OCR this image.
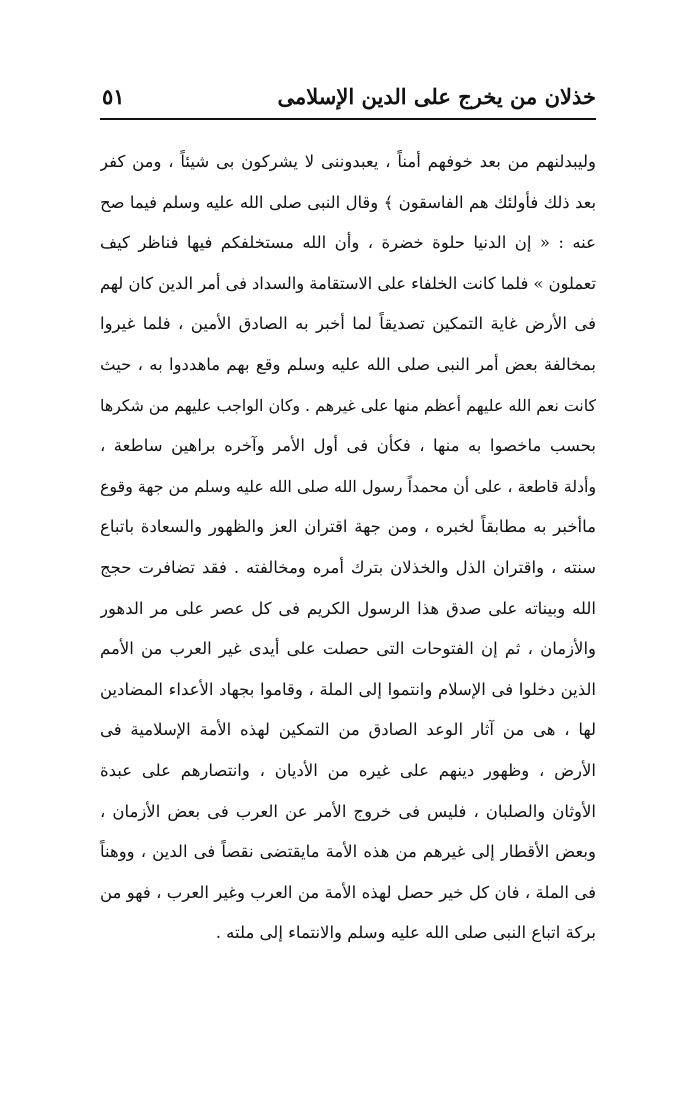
خذلان من يخرج على الدين الإسلامى
٥١
وليبدلنهم من بعد خوفهم أمناً ، يعبدوننى لا يشركون بى شيئاً ، ومن كفر
بعد ذلك فأولئك هم الفاسقون ﴾ وقال النبى صلى الله عليه وسلم فيما صح
عنه : « إن الدنيا حلوة خضرة ، وأن الله مستخلفكم فيها فناظر كيف
تعملون » فلما كانت الخلفاء على الاستقامة والسداد فى أمر الدين كان لهم
فى الأرض غاية التمكين تصديقاً لما أخبر به الصادق الأمين ، فلما غيروا
بمخالفة بعض أمر النبى صلى الله عليه وسلم وقع بهم ماهددوا به ، حيث
كانت نعم الله عليهم أعظم منها على غيرهم . وكان الواجب عليهم من شكرها
بحسب ماخصوا به منها ، فكأن فى أول الأمر وآخره براهين ساطعة ،
وأدلة قاطعة ، على أن محمداً رسول الله صلى الله عليه وسلم من جهة وقوع
ماأخبر به مطابقاً لخبره ، ومن جهة اقتران العز والظهور والسعادة باتباع
سنته ، واقتران الذل والخذلان بترك أمره ومخالفته . فقد تضافرت حجج
الله وبيناته على صدق هذا الرسول الكريم فى كل عصر على مر الدهور
والأزمان ، ثم إن الفتوحات التى حصلت على أيدى غير العرب من الأمم
الذين دخلوا فى الإسلام وانتموا إلى الملة ، وقاموا بجهاد الأعداء المضادين
لها ، هى من آثار الوعد الصادق من التمكين لهذه الأمة الإسلامية فى
الأرض ، وظهور دينهم على غيره من الأديان ، وانتصارهم على عبدة
الأوثان والصلبان ، فليس فى خروج الأمر عن العرب فى بعض الأزمان ،
وبعض الأقطار إلى غيرهم من هذه الأمة مايقتضى نقصاً فى الدين ، ووهناً
فى الملة ، فان كل خير حصل لهذه الأمة من العرب وغير العرب ، فهو من
بركة اتباع النبى صلى الله عليه وسلم والانتماء إلى ملته .
